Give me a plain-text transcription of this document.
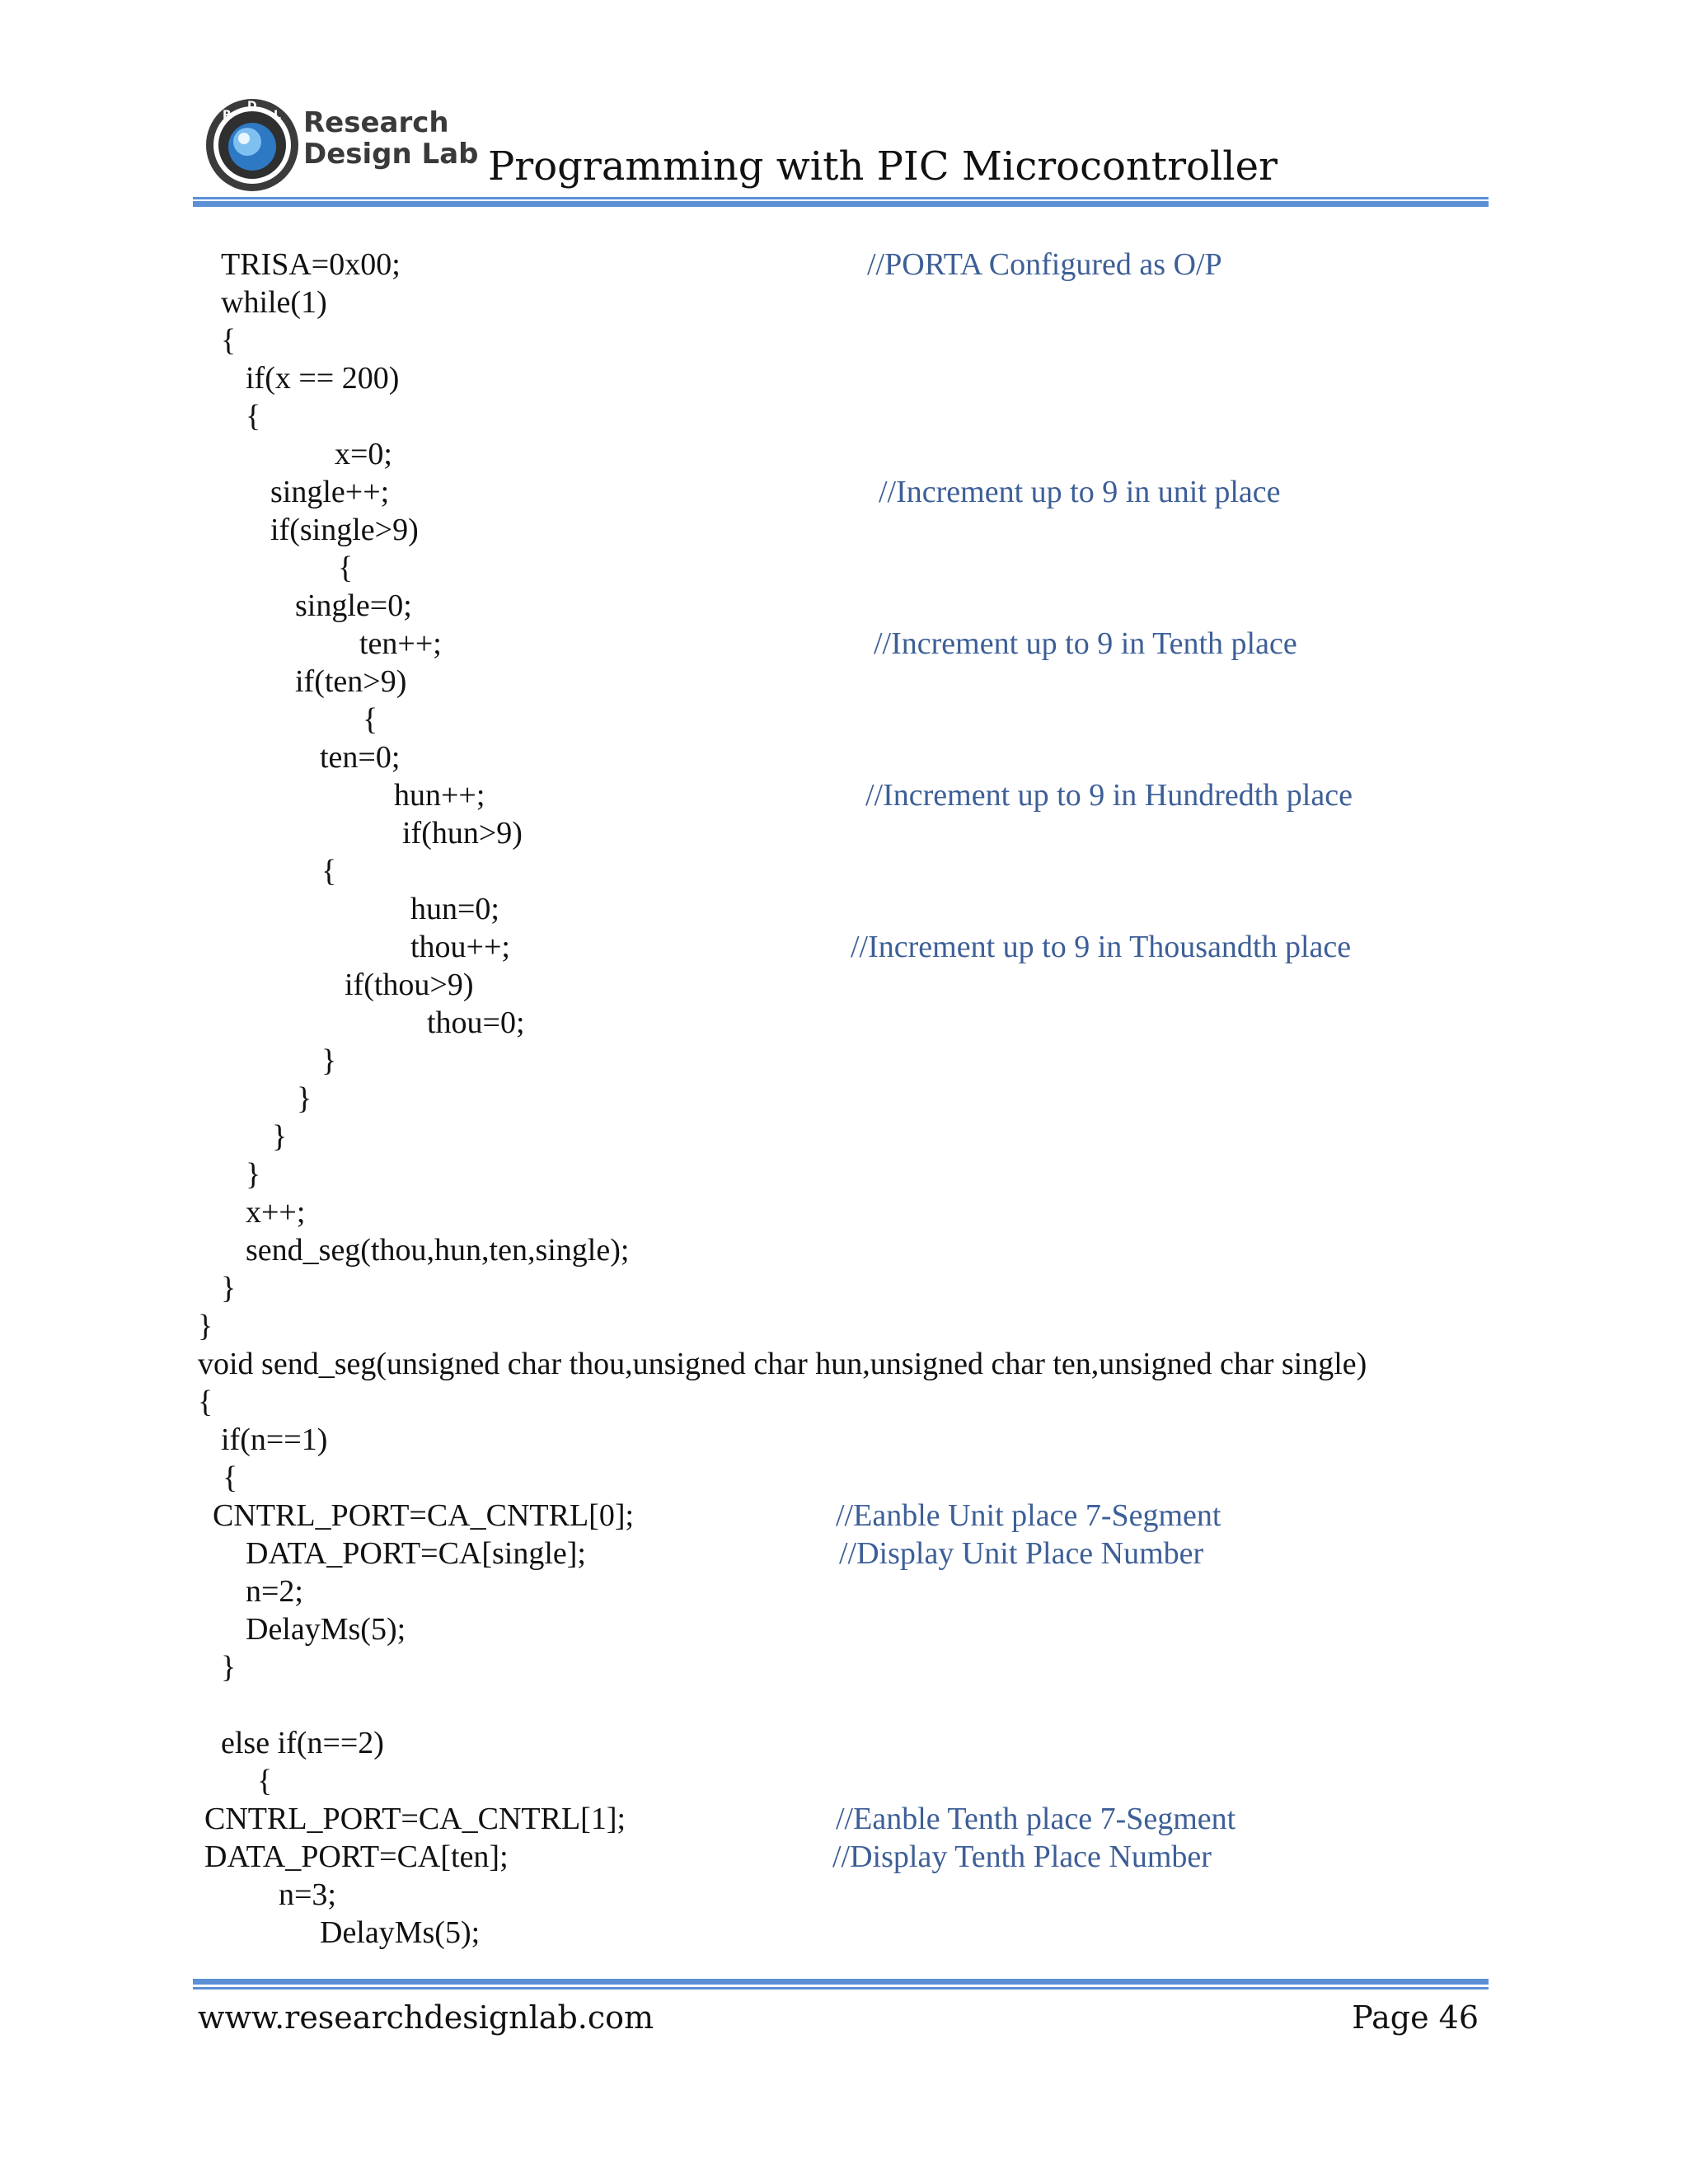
R
D
L Research
Design Lab Programming with PIC Microcontroller
TRISA=0x00;
while(1)
{
if(x == 200)
{
x=0;
single++;
if(single>9)
{
single=0;
ten++;
if(ten>9)
{
ten=0;
hun++;
if(hun>9)
{
hun=0;
thou++;
if(thou>9)
thou=0;
}
}
}
}
x++;
send_seg(thou,hun,ten,single);
}
}
void send_seg(unsigned char thou,unsigned char hun,unsigned char ten,unsigned char single)
{
if(n==1)
{
CNTRL_PORT=CA_CNTRL[0];
DATA_PORT=CA[single];
n=2;
DelayMs(5);
}
else if(n==2)
{
CNTRL_PORT=CA_CNTRL[1];
DATA_PORT=CA[ten];
n=3;
DelayMs(5);
//PORTA Configured as O/P
//Increment up to 9 in unit place
//Increment up to 9 in Tenth place
//Increment up to 9 in Hundredth place
//Increment up to 9 in Thousandth place
//Eanble Unit place 7-Segment
//Display Unit Place Number
//Eanble Tenth place 7-Segment
//Display Tenth Place Number
www.researchdesignlab.com	Page 46
